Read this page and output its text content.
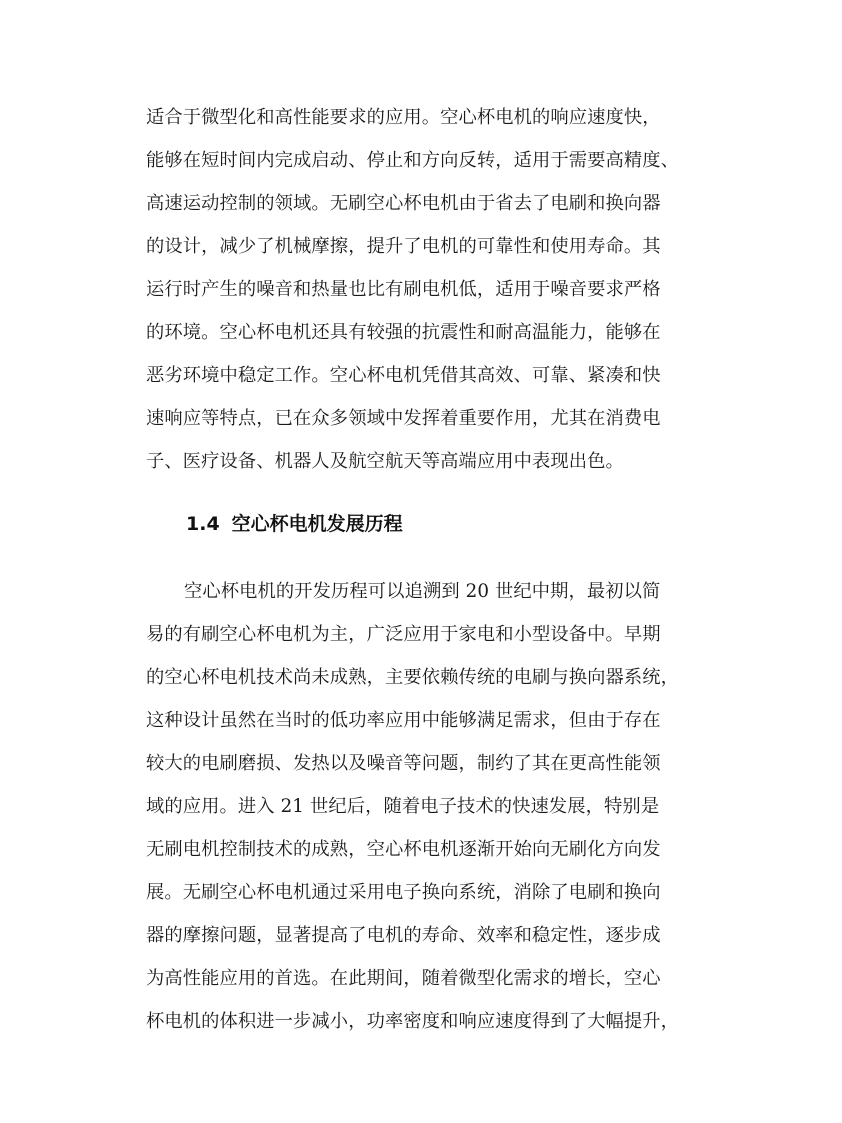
适合于微型化和高性能要求的应用。空心杯电机的响应速度快，
能够在短时间内完成启动、停止和方向反转，适用于需要高精度、
高速运动控制的领域。无刷空心杯电机由于省去了电刷和换向器
的设计，减少了机械摩擦，提升了电机的可靠性和使用寿命。其
运行时产生的噪音和热量也比有刷电机低，适用于噪音要求严格
的环境。空心杯电机还具有较强的抗震性和耐高温能力，能够在
恶劣环境中稳定工作。空心杯电机凭借其高效、可靠、紧凑和快
速响应等特点，已在众多领域中发挥着重要作用，尤其在消费电
子、医疗设备、机器人及航空航天等高端应用中表现出色。
1.4 空心杯电机发展历程
空心杯电机的开发历程可以追溯到 20 世纪中期，最初以简
易的有刷空心杯电机为主，广泛应用于家电和小型设备中。早期
的空心杯电机技术尚未成熟，主要依赖传统的电刷与换向器系统，
这种设计虽然在当时的低功率应用中能够满足需求，但由于存在
较大的电刷磨损、发热以及噪音等问题，制约了其在更高性能领
域的应用。进入 21 世纪后，随着电子技术的快速发展，特别是
无刷电机控制技术的成熟，空心杯电机逐渐开始向无刷化方向发
展。无刷空心杯电机通过采用电子换向系统，消除了电刷和换向
器的摩擦问题，显著提高了电机的寿命、效率和稳定性，逐步成
为高性能应用的首选。在此期间，随着微型化需求的增长，空心
杯电机的体积进一步减小，功率密度和响应速度得到了大幅提升，
